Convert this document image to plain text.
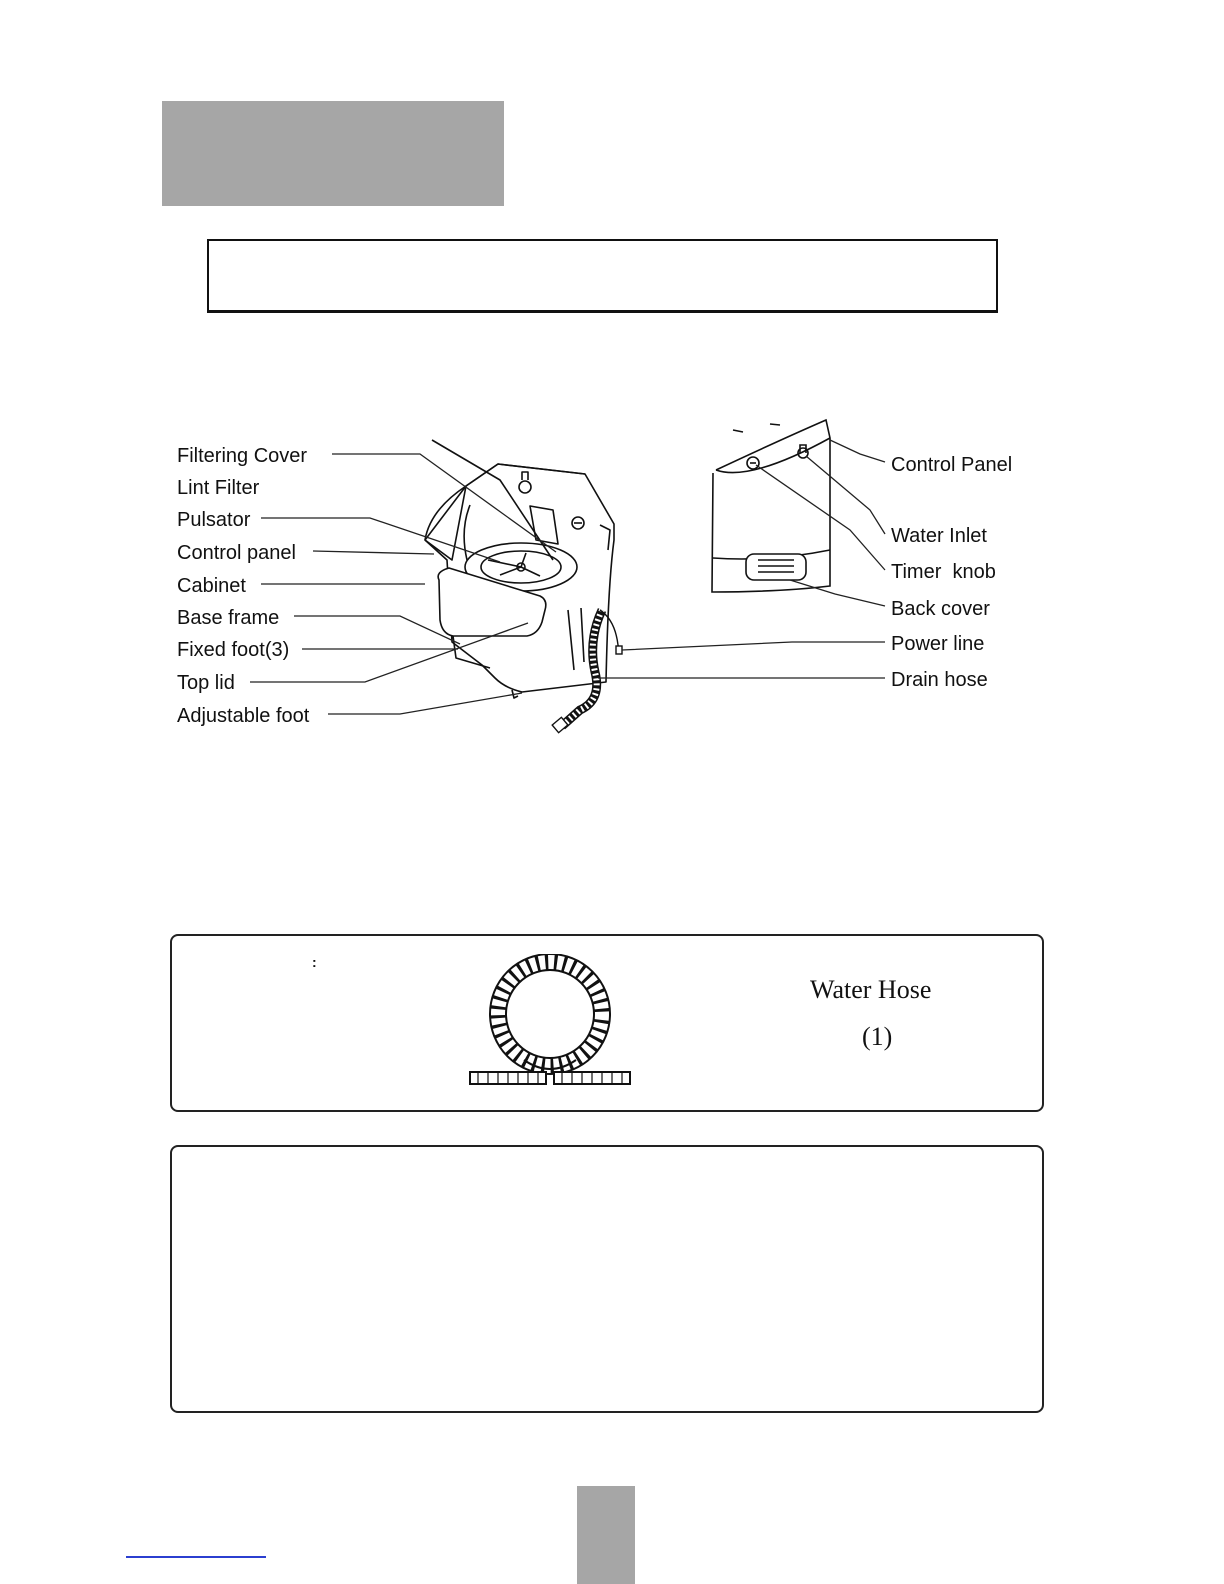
Filtering Cover
Lint Filter
Pulsator
Control panel
Cabinet
Base frame
Fixed foot(3)
Top lid
Adjustable foot
Control Panel
Water Inlet
Timer  knob
Back cover
Power line
Drain hose
:
Water Hose
(1)
